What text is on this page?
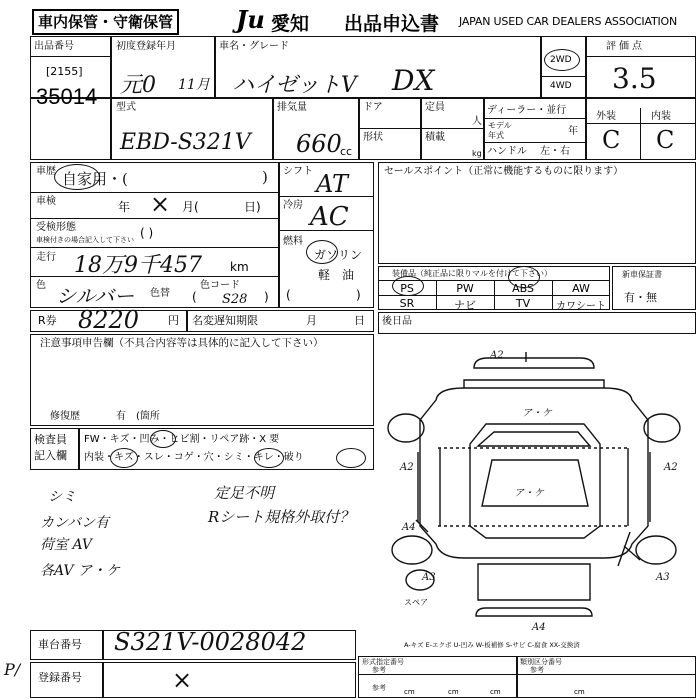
車内保管・守衛保管	Ju 愛知 出品申込書 JAPAN USED CAR DEALERS ASSOCIATION
出品番号
[2155]
35014
初度登録年月
元0 11月
車名・グレード
ハイゼットV DX
2WD
4WD
評価点
3.5
外装	内装
C C
型式
EBD-S321V
排気量
660
cc
ドア	定員
人
形状	積載
kg
ディーラー・並行
モデル
年式	年
ハンドル 左・右
車歴 自家用・(	)
車検	年 × 月(	日)
受検形態
車検付きの場合記入して下さい ( )
走行 18万9千457 km
色 シルバー 色替
色コード
S28
(	)
シフト AT
冷房 AC
燃料
ガソリン
軽　油
(	)
R券 8220	円 名変遅知期限	月	日
注意事項申告欄（不具合内容等は具体的に記入して下さい）
修復歴	有 (箇所
検査員
記入欄
FW・キズ・凹み・ヒビ割・リペア跡・X 要
内装・キズ・スレ・コゲ・穴・シミ・キレ・破り
シミ
カンバン有
荷室 AV
各AV ア・ケ
定足不明
Rシート規格外取付？
セールスポイント（正常に機能するものに限ります）
装備品（純正品に限りマルを付けて下さい）
PS	PW	ABS	AW
SR	ナビ	TV	カワシート
新車保証書
有・無
後日品
A2
A2	A2
A4
A3	A3
A4
ア・ケ
ア・ケ
スペア
A-キズ E-エクボ U-凹み W-板補修 S-サビ C-腐食 XX-交換済
車台番号 S321V-0028042
登録番号	×
P/	形式指定番号
参考
類別区分番号
参考
参考	cm	cm	cm	cm
